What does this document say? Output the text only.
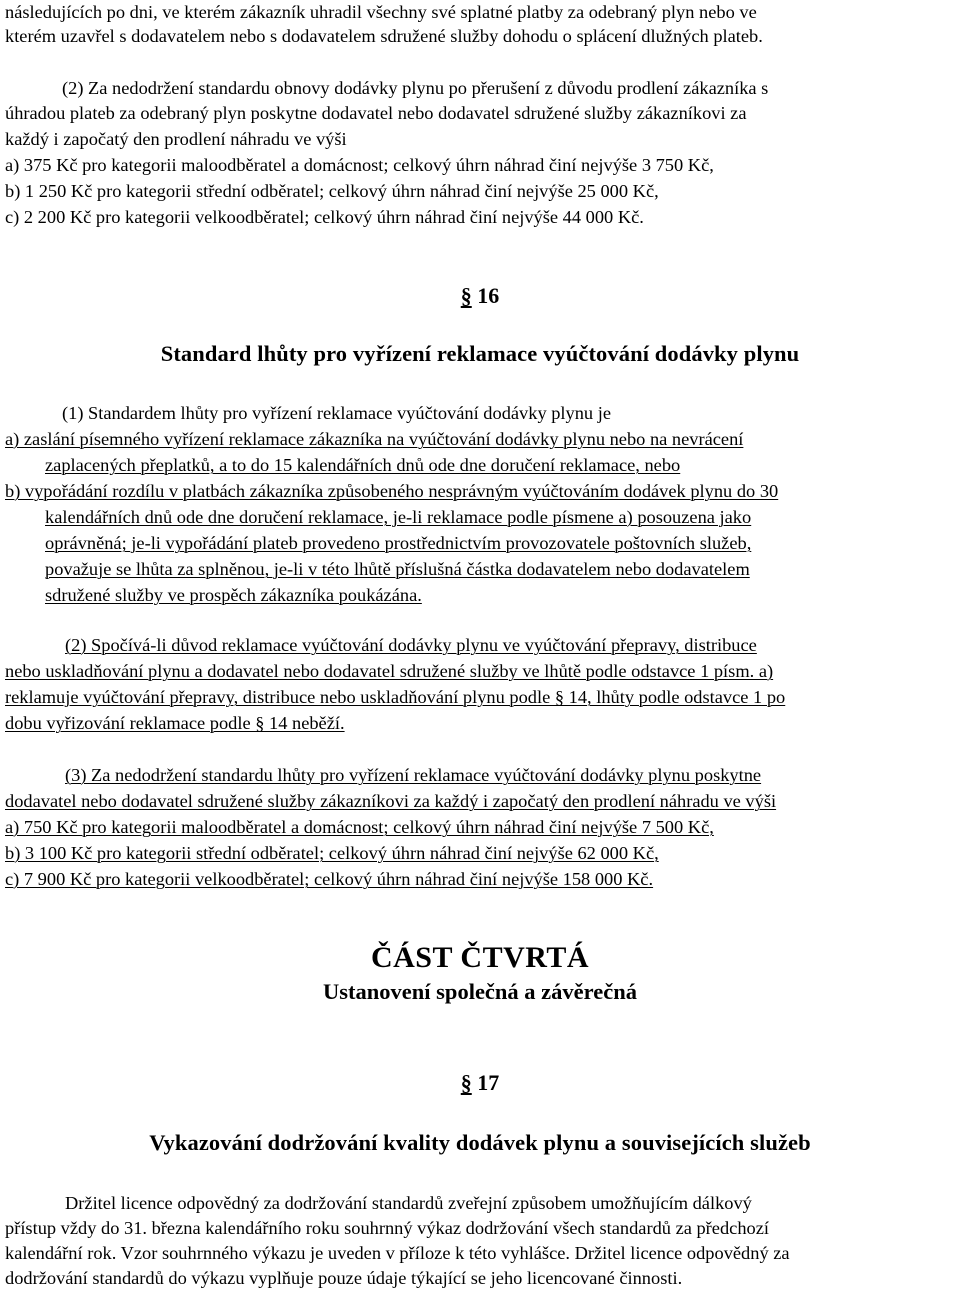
následujících po dni, ve kterém zákazník uhradil všechny své splatné platby za odebraný plyn nebo ve
kterém uzavřel s dodavatelem nebo s dodavatelem sdružené služby dohodu o splácení dlužných plateb.
(2) Za nedodržení standardu obnovy dodávky plynu po přerušení z důvodu prodlení zákazníka s
úhradou plateb za odebraný plyn poskytne dodavatel nebo dodavatel sdružené služby zákazníkovi za
každý i započatý den prodlení náhradu ve výši
a) 375 Kč pro kategorii maloodběratel a domácnost; celkový úhrn náhrad činí nejvýše 3 750 Kč,
b) 1 250 Kč pro kategorii střední odběratel; celkový úhrn náhrad činí nejvýše 25 000 Kč,
c) 2 200 Kč pro kategorii velkoodběratel; celkový úhrn náhrad činí nejvýše 44 000 Kč.
§ 16
Standard lhůty pro vyřízení reklamace vyúčtování dodávky plynu
(1) Standardem lhůty pro vyřízení reklamace vyúčtování dodávky plynu je
a) zaslání písemného vyřízení reklamace zákazníka na vyúčtování dodávky plynu nebo na nevrácení
zaplacených přeplatků, a to do 15 kalendářních dnů ode dne doručení reklamace, nebo
b) vypořádání rozdílu v platbách zákazníka způsobeného nesprávným vyúčtováním dodávek plynu do 30
kalendářních dnů ode dne doručení reklamace, je-li reklamace podle písmene a) posouzena jako
oprávněná; je-li vypořádání plateb provedeno prostřednictvím provozovatele poštovních služeb,
považuje se lhůta za splněnou, je-li v této lhůtě příslušná částka dodavatelem nebo dodavatelem
sdružené služby ve prospěch zákazníka poukázána.
(2) Spočívá-li důvod reklamace vyúčtování dodávky plynu ve vyúčtování přepravy, distribuce
nebo uskladňování plynu a dodavatel nebo dodavatel sdružené služby ve lhůtě podle odstavce 1 písm. a)
reklamuje vyúčtování přepravy, distribuce nebo uskladňování plynu podle § 14, lhůty podle odstavce 1 po
dobu vyřizování reklamace podle § 14 neběží.
(3) Za nedodržení standardu lhůty pro vyřízení reklamace vyúčtování dodávky plynu poskytne
dodavatel nebo dodavatel sdružené služby zákazníkovi za každý i započatý den prodlení náhradu ve výši
a) 750 Kč pro kategorii maloodběratel a domácnost; celkový úhrn náhrad činí nejvýše 7 500 Kč,
b) 3 100 Kč pro kategorii střední odběratel; celkový úhrn náhrad činí nejvýše 62 000 Kč,
c) 7 900 Kč pro kategorii velkoodběratel; celkový úhrn náhrad činí nejvýše 158 000 Kč.
ČÁST ČTVRTÁ
Ustanovení společná a závěrečná
§ 17
Vykazování dodržování kvality dodávek plynu a souvisejících služeb
Držitel licence odpovědný za dodržování standardů zveřejní způsobem umožňujícím dálkový
přístup vždy do 31. března kalendářního roku souhrnný výkaz dodržování všech standardů za předchozí
kalendářní rok. Vzor souhrnného výkazu je uveden v příloze k této vyhlášce. Držitel licence odpovědný za
dodržování standardů do výkazu vyplňuje pouze údaje týkající se jeho licencované činnosti.
